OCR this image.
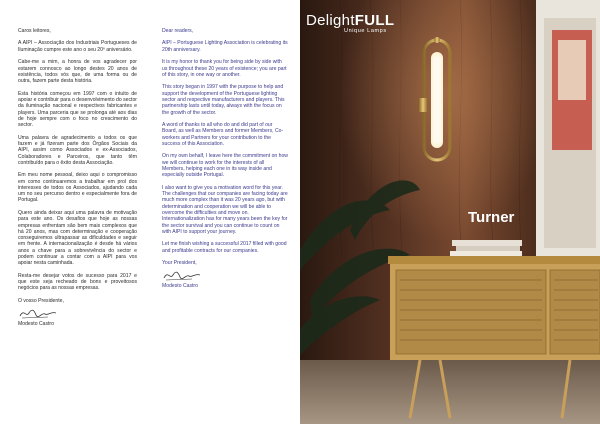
Caros leitores,

A AIPI – Associação dos Industriais Portugueses de Iluminação cumpre este ano o seu 20º aniversário.

Cabe-me a mim, a honra de vos agradecer por estarem connosco ao longo destes 20 anos de existência, todos vós que, de uma forma ou de outra, fazem parte desta história.

Esta história começou em 1997 com o intuito de apoiar e contribuir para o desenvolvimento do sector da iluminação nacional e respectivos fabricantes e players. Uma parceria que se prolonga até aos dias de hoje sempre com o foco no crescimento do sector.

Uma palavra de agradecimento a todos os que fazem e já fizeram parte dos Órgãos Sociais da AIPI, assim como Associados e ex-Associados, Colaboradores e Parceiros, que tanto têm contribuído para o êxito desta Associação.

Em meu nome pessoal, deixo aqui o compromisso em como continuaremos a trabalhar em prol dos interesses de todos os Associados, ajudando cada um no seu percurso dentro e especialmente fora de Portugal.

Quero ainda deixar aqui uma palavra de motivação para este ano. Os desafios que hoje as nossas empresas enfrentam são bem mais complexos que há 20 anos, mas com determinação e cooperação conseguiremos ultrapassar as dificuldades e seguir em frente. A internacionalização é desde há vários anos a chave para a sobrevivência do sector e podem continuar a contar com a AIPI para vos apoiar nesta caminhada.

Resta-me desejar votos de sucesso para 2017 e que este seja recheado de bons e proveitosos negócios para as nossas empresas.

O vosso Presidente,

Modesto Castro

Dear readers,

AIPI – Portuguese Lighting Association is celebrating its 20th anniversary.

It is my honor to thank you for being side by side with us throughout these 20 years of existence; you are part of this story, in one way or another.

This story began in 1997 with the purpose to help and support the development of the Portuguese lighting sector and respective manufacturers and players. This partnership lasts until today, always with the focus on the growth of the sector.

A word of thanks to all who do and did part of our Board, as well as Members and former Members, Co-workers and Partners for your contribution to the success of this Association.

On my own behalf, I leave here the commitment on how we will continue to work for the interests of all Members, helping each one in its way inside and especially outside Portugal.

I also want to give you a motivation word for this year. The challenges that our companies are facing today are much more complex than it was 20 years ago, but with determination and cooperation we will be able to overcome the difficulties and move on. Internationalization has for many years been the key for the sector survival and you can continue to count on with AIPI to support your journey.

Let me finish wishing a successful 2017 filled with good and profitable contracts for our companies.

Your President,

Modesto Castro

DelightFULL
Unique Lamps
Turner
